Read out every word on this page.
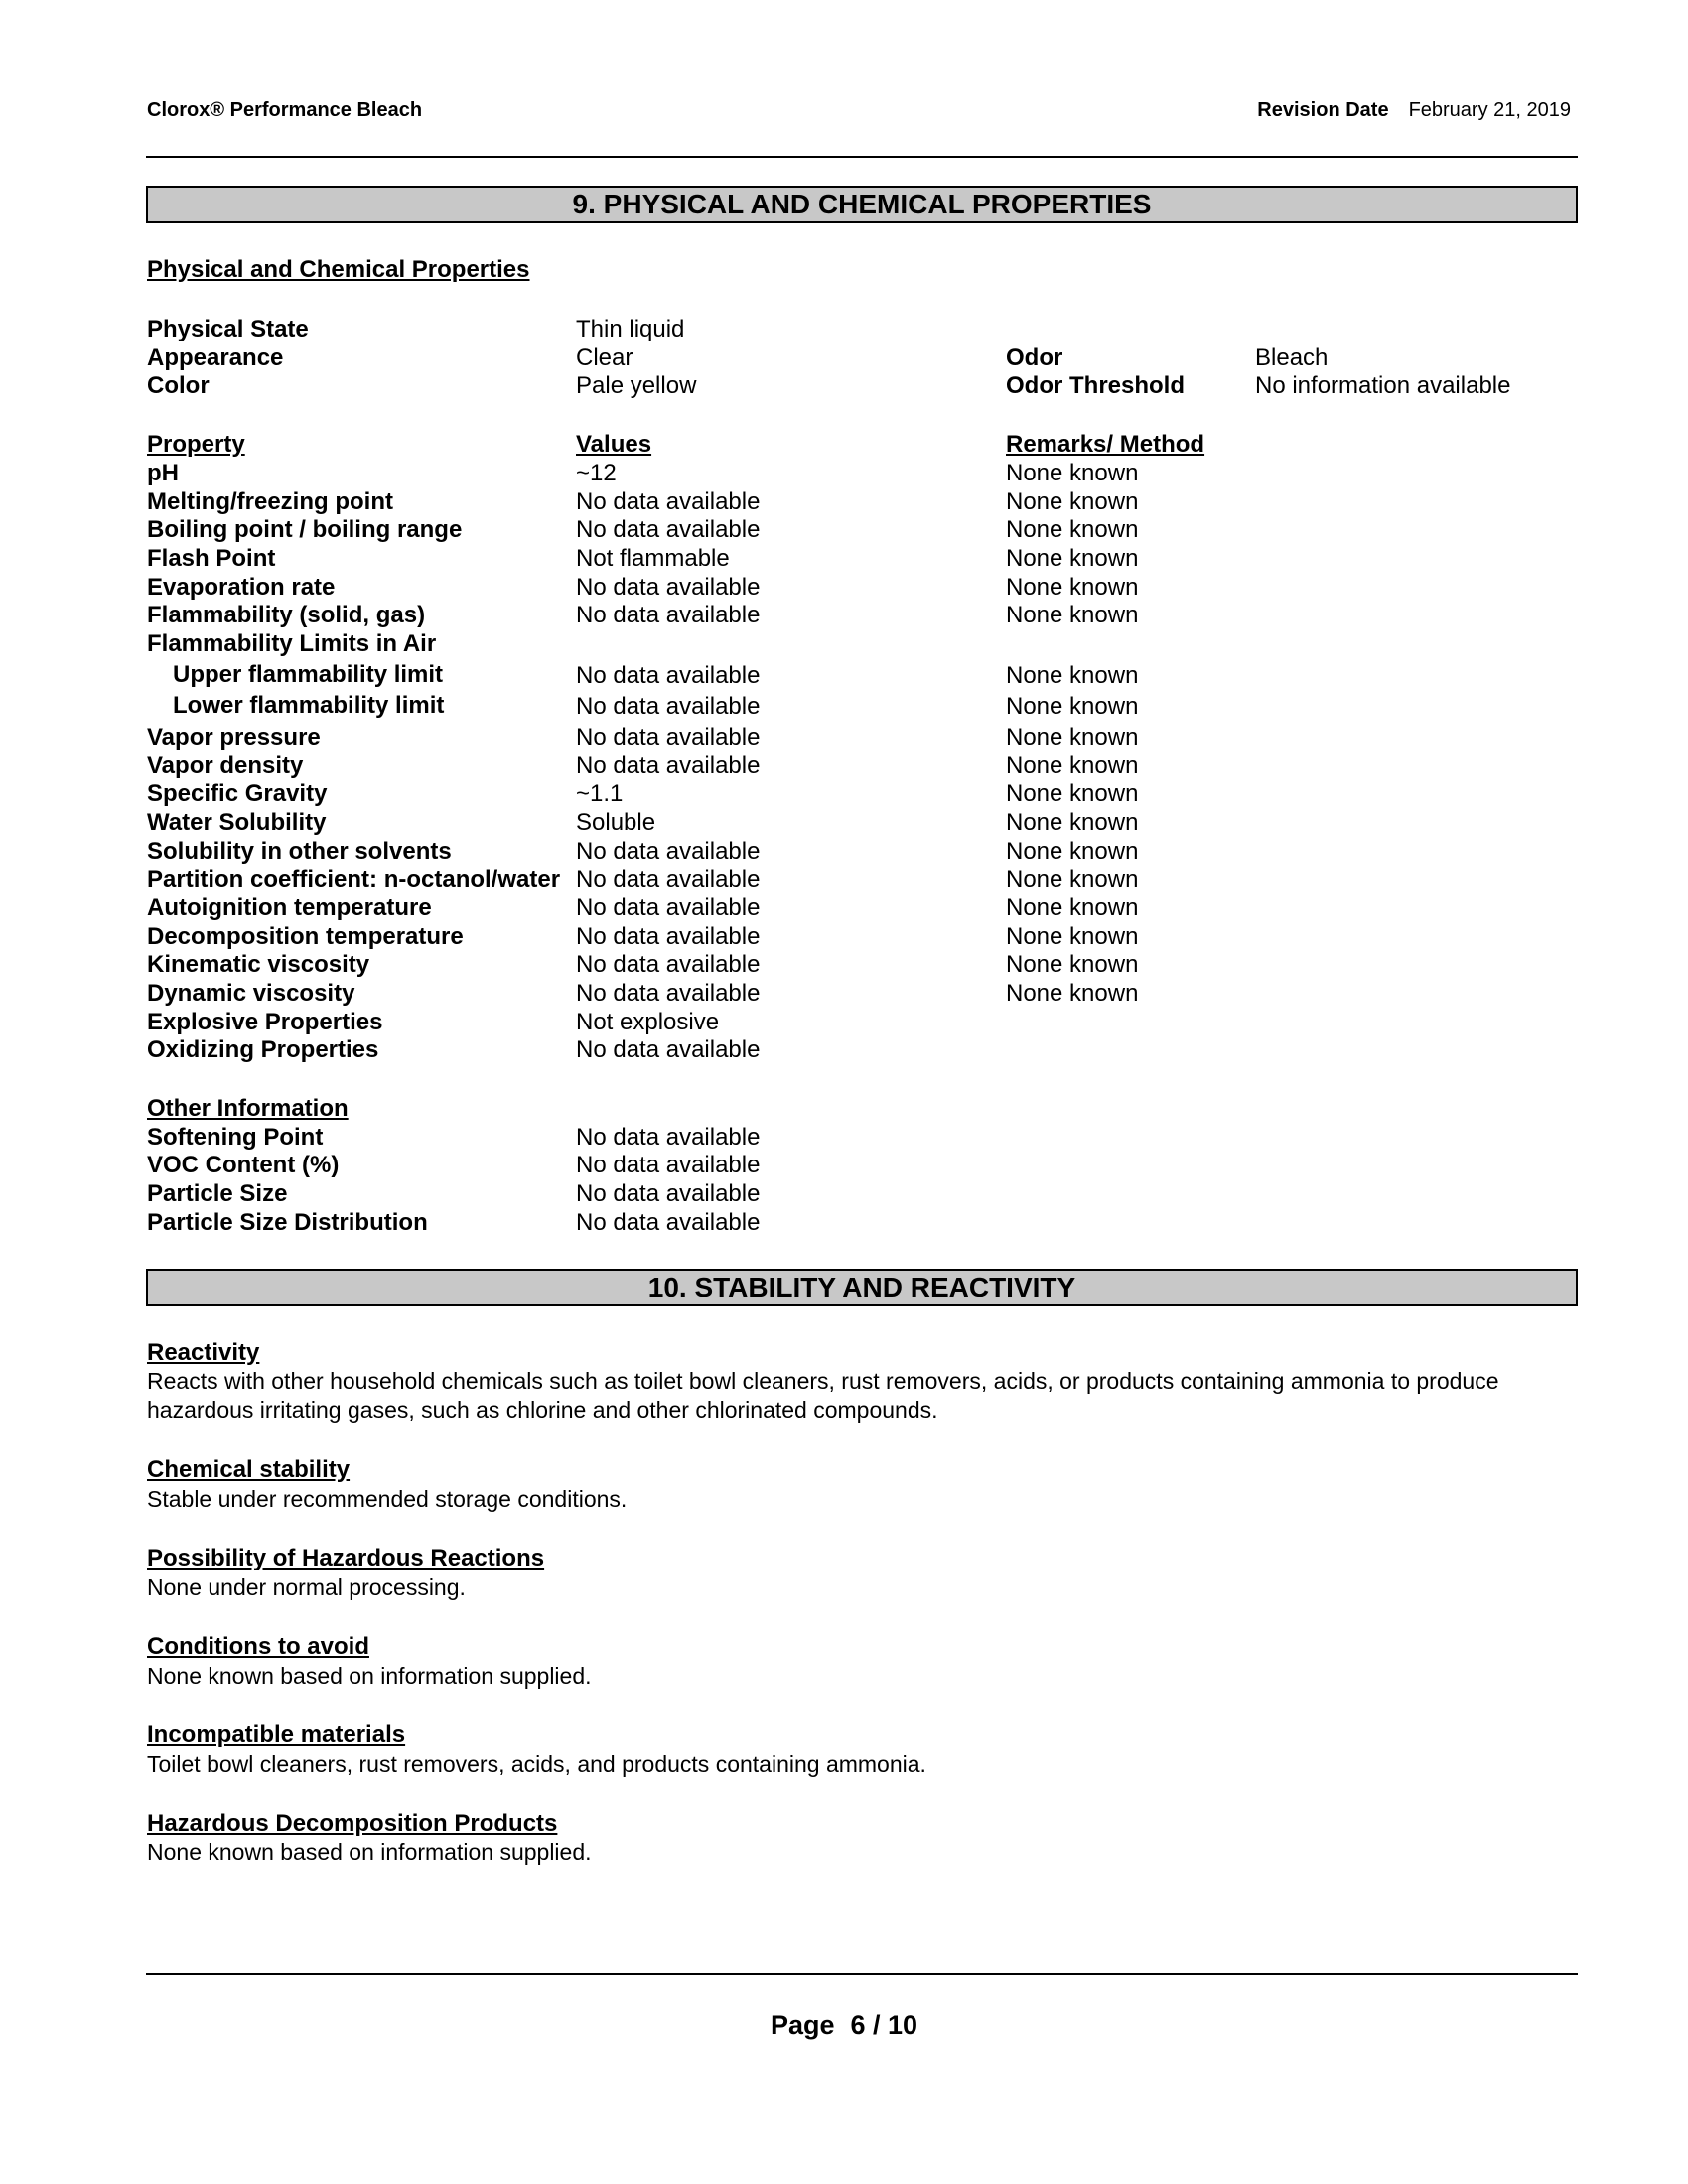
Clorox® Performance Bleach	Revision Date February 21, 2019
9. PHYSICAL AND CHEMICAL PROPERTIES
Physical and Chemical Properties
Physical State	Thin liquid
Appearance	Clear	Odor	Bleach
Color	Pale yellow	Odor Threshold	No information available
Property	Values	Remarks/ Method
pH	~12	None known
Melting/freezing point	No data available	None known
Boiling point / boiling range	No data available	None known
Flash Point	Not flammable	None known
Evaporation rate	No data available	None known
Flammability (solid, gas)	No data available	None known
Flammability Limits in Air
Upper flammability limit	No data available	None known
Lower flammability limit	No data available	None known
Vapor pressure	No data available	None known
Vapor density	No data available	None known
Specific Gravity	~1.1	None known
Water Solubility	Soluble	None known
Solubility in other solvents	No data available	None known
Partition coefficient: n-octanol/water No data available	None known
Autoignition temperature	No data available	None known
Decomposition temperature	No data available	None known
Kinematic viscosity	No data available	None known
Dynamic viscosity	No data available	None known
Explosive Properties	Not explosive
Oxidizing Properties	No data available
Other Information
Softening Point	No data available
VOC Content (%)	No data available
Particle Size	No data available
Particle Size Distribution	No data available
10. STABILITY AND REACTIVITY
Reactivity
Reacts with other household chemicals such as toilet bowl cleaners, rust removers, acids, or products containing ammonia to produce hazardous irritating gases, such as chlorine and other chlorinated compounds.
Chemical stability
Stable under recommended storage conditions.
Possibility of Hazardous Reactions
None under normal processing.
Conditions to avoid
None known based on information supplied.
Incompatible materials
Toilet bowl cleaners, rust removers, acids, and products containing ammonia.
Hazardous Decomposition Products
None known based on information supplied.
Page 6 / 10
